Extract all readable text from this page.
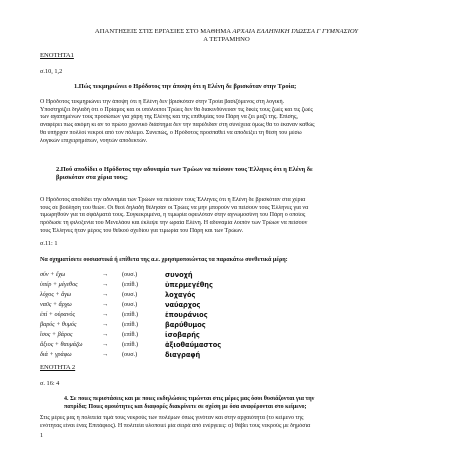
ΑΠΑΝΤΗΣΕΙΣ ΣΤΙΣ ΕΡΓΑΣΙΕΣ ΣΤΟ ΜΑΘΗΜΑ ΑΡΧΑΙΑ ΕΛΛΗΝΙΚΗ ΓΛΩΣΣΑ Γ ΓΥΜΝΑΣΙΟΥ

Α ΤΕΤΡΑΜΗΝΟ

ΕΝΟΤΗΤΑ1

σ.10, 1,2

1.Πώς τεκμηριώνει ο Ηρόδοτος την άποψη ότι η Ελένη δε βρισκόταν στην Τροία;

Ο Ηρόδοτος τεκμηριώνει την άποψη ότι η Ελένη δεν βρισκόταν στην Τροία βασιζόμενος στη λογική.
Υποστηρίζει δηλαδή ότι ο Πρίαμος και οι υπόλοιποι Τρώες δεν θα διακινδύνευαν τις δικές τους ζωές και τις ζωές
των αγαπημένων τους προσώπων για χάρη της Ελένης και της επιθυμίας του Πάρη να ζει μαζί της. Επίσης,
αναφέρει πως ακόμη κι αν το πρώτο χρονικό διάστημα δεν την παρέδιδαν στη συνέχεια όμως θα το έκαναν καθώς
θα υπήρχαν πολλοί νεκροί από τον πόλεμο. Συνεπώς, ο Ηρόδοτος προσπαθεί να αποδείξει τη θέση του μέσω
λογικών επιχειρημάτων, νοητών αποδεκτών.

2.Πού αποδίδει ο Ηρόδοτος την αδυναμία των Τρώων να πείσουν τους Έλληνες ότι η Ελένη δε

βρισκόταν στα χέρια τους;

Ο Ηρόδοτος αποδίδει την αδυναμία των Τρώων να πείσουν τους Έλληνες ότι η Ελένη δε βρισκόταν στα χέρια
τους σε βούληση του θεών. Οι θεοί δηλαδή θέλησαν οι Τρώες να μην μπορούν να πείσουν τους Έλληνες για να
τιμωρηθούν για τα σφάλματά τους. Συγκεκριμένα, η τιμωρία οφειλόταν στην αγνωμοσύνη του Πάρη ο οποίος
πρόδωσε τη φιλοξενία του Μενελάου και έκλεψε την ωραία Ελένη. Η αδυναμία λοιπόν των Τρώων να πείσουν
τους Έλληνες ήταν μέρος του θεϊκού σχεδίου για τιμωρία του Πάρη και των Τρώων.

σ.11: 1

Να σχηματίσετε ουσιαστικά ή επίθετα της α.ε. χρησιμοποιώντας τα παρακάτω συνθετικά μέρη:

σύν + ἔχω	→ (ουσ.)	συνοχή
ὑπέρ + μέγεθος	→ (επίθ.)	ὑπερμεγέθης
λόχος + ἄγω	→ (ουσ.)	λοχαγός
ναῦς + ἄρχω	→ (ουσ.)	ναύαρχος
ἐπί + οὐρανός	→ (επίθ.)	ἐπουράνιος
βαρύς + θυμός	→ (επίθ.)	βαρύθυμος
ἴσος + βάρος	→ (επίθ.)	ἰσοβαρής
ἄξιος + θαυμάζω	→ (επίθ.)	ἀξιοθαύμαστος
διά + γράφω	→ (ουσ.)	διαγραφή

ΕΝΟΤΗΤΑ 2

σ. 16: 4

4. Σε ποιες περιστάσεις και με ποιες εκδηλώσεις τιμώνται στις μέρες μας όσοι θυσιάζονται για την

πατρίδα; Ποιες ομοιότητες και διαφορές διακρίνετε σε σχέση με όσα αναφέρονται στο κείμενο;

Στις μέρες μας η πολιτεία τιμά τους νεκρούς των πολέμων όπως γινόταν και στην αρχαιότητα (το κείμενο της
ενότητας είναι ένας Επιτάφιος). Η πολιτεία υλοποιεί μία σειρά από ενέργειες: α) θάβει τους νεκρούς με δημόσια

1
